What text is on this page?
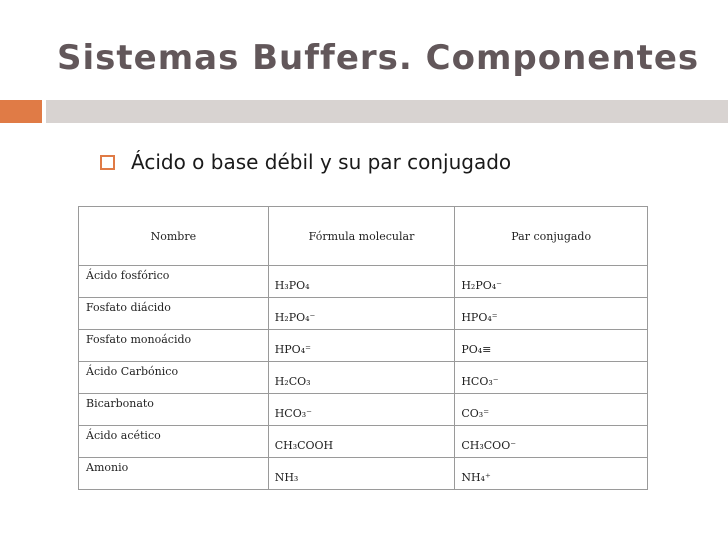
Sistemas Buffers. Componentes
Ácido o base débil y su par conjugado
Nombre	Fórmula molecular	Par conjugado

Ácido fosfórico	H₃PO₄	H₂PO₄⁻

Fosfato diácido	H₂PO₄⁻	HPO₄⁼

Fosfato monoácido	HPO₄⁼	PO₄≡

Ácido Carbónico	H₂CO₃	HCO₃⁻

Bicarbonato	HCO₃⁻	CO₃⁼

Ácido acético	CH₃COOH	CH₃COO⁻

Amonio	NH₃	NH₄⁺
